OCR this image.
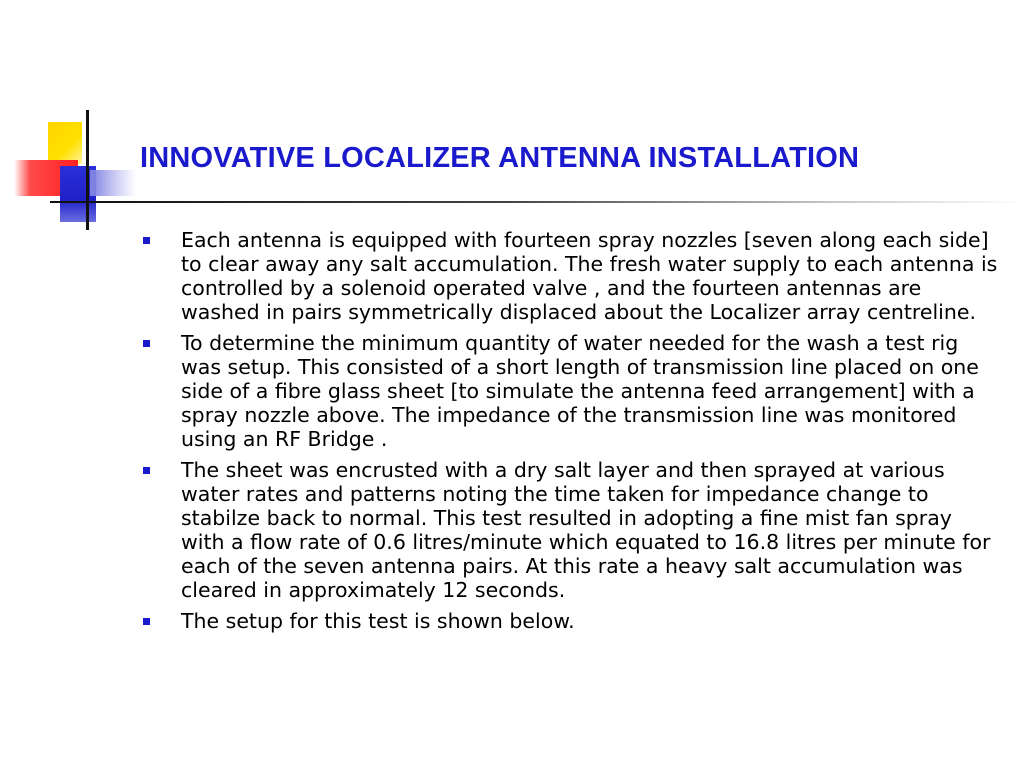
INNOVATIVE LOCALIZER ANTENNA INSTALLATION
Each antenna is equipped with fourteen spray nozzles [seven along each side] to clear away any salt accumulation. The fresh water supply to each antenna is controlled by a solenoid operated valve , and the fourteen antennas are washed in pairs symmetrically displaced about the Localizer array centreline.
To determine the minimum quantity of water needed for the wash a test rig was setup. This consisted of a short length of transmission line placed on one side of a fibre glass sheet [to simulate the antenna feed arrangement] with a spray nozzle above. The impedance of the transmission line was monitored using an RF Bridge .
The sheet was encrusted with a dry salt layer and then sprayed at various water rates and patterns noting the time taken for impedance change to stabilze back to normal. This test resulted in adopting a fine mist fan spray with a flow rate of 0.6 litres/minute which equated to 16.8 litres per minute for each of the seven antenna pairs. At this rate a heavy salt accumulation was cleared in approximately 12 seconds.
The setup for this test is shown below.
